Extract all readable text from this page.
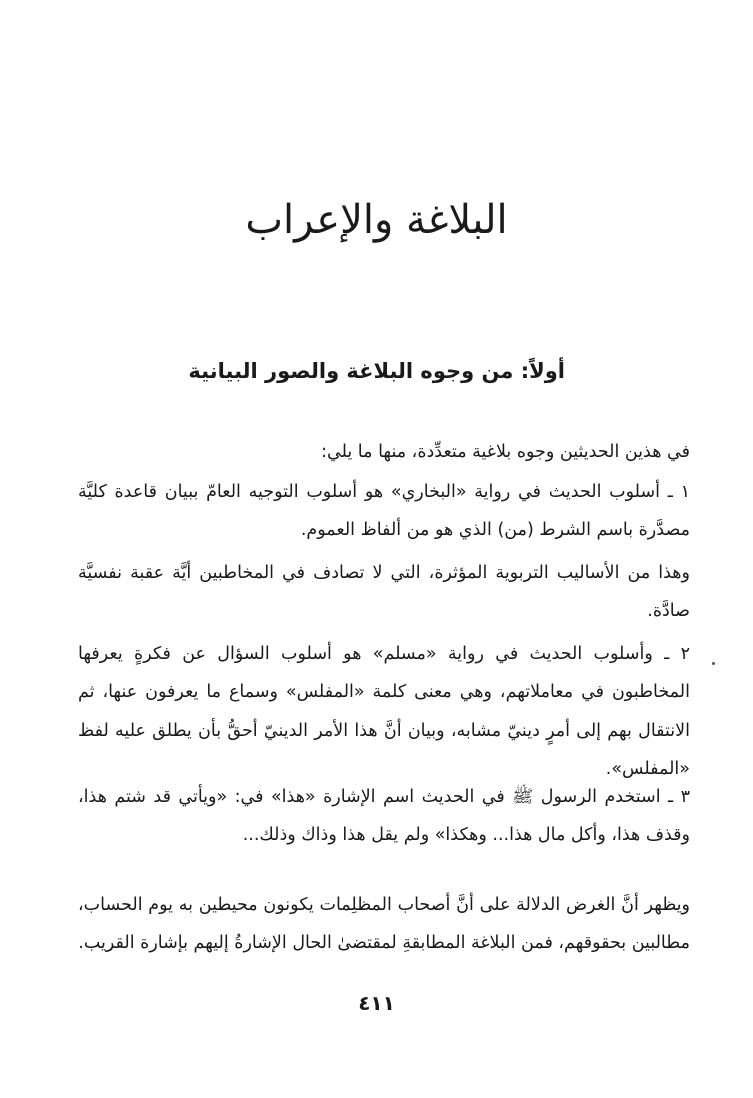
البلاغة والإعراب
أولاً: من وجوه البلاغة والصور البيانية

في هذين الحديثين وجوه بلاغية متعدِّدة، منها ما يلي:

١ ـ أسلوب الحديث في رواية «البخاري» هو أسلوب التوجيه العامّ ببيان قاعدة كليَّة مصدَّرة باسم الشرط (من) الذي هو من ألفاظ العموم.

وهذا من الأساليب التربوية المؤثرة، التي لا تصادف في المخاطبين أيَّة عقبة نفسيَّة صادَّة.

٢ ـ وأسلوب الحديث في رواية «مسلم» هو أسلوب السؤال عن فكرةٍ يعرفها المخاطبون في معاملاتهم، وهي معنى كلمة «المفلس» وسماع ما يعرفون عنها، ثم الانتقال بهم إلى أمرٍ دينيّ مشابه، وبيان أنَّ هذا الأمر الدينيّ أحقُّ بأن يطلق عليه لفظ «المفلس».

٣ ـ استخدم الرسول ﷺ في الحديث اسم الإشارة «هذا» في: «ويأتي قد شتم هذا، وقذف هذا، وأكل مال هذا... وهكذا» ولم يقل هذا وذاك وذلك...

ويظهر أنَّ الغرض الدلالة على أنَّ أصحاب المظلِمات يكونون محيطين به يوم الحساب، مطالبين بحقوقهم، فمن البلاغة المطابقةِ لمقتضىٰ الحال الإشارةُ إليهم بإشارة القريب.

٤١١
